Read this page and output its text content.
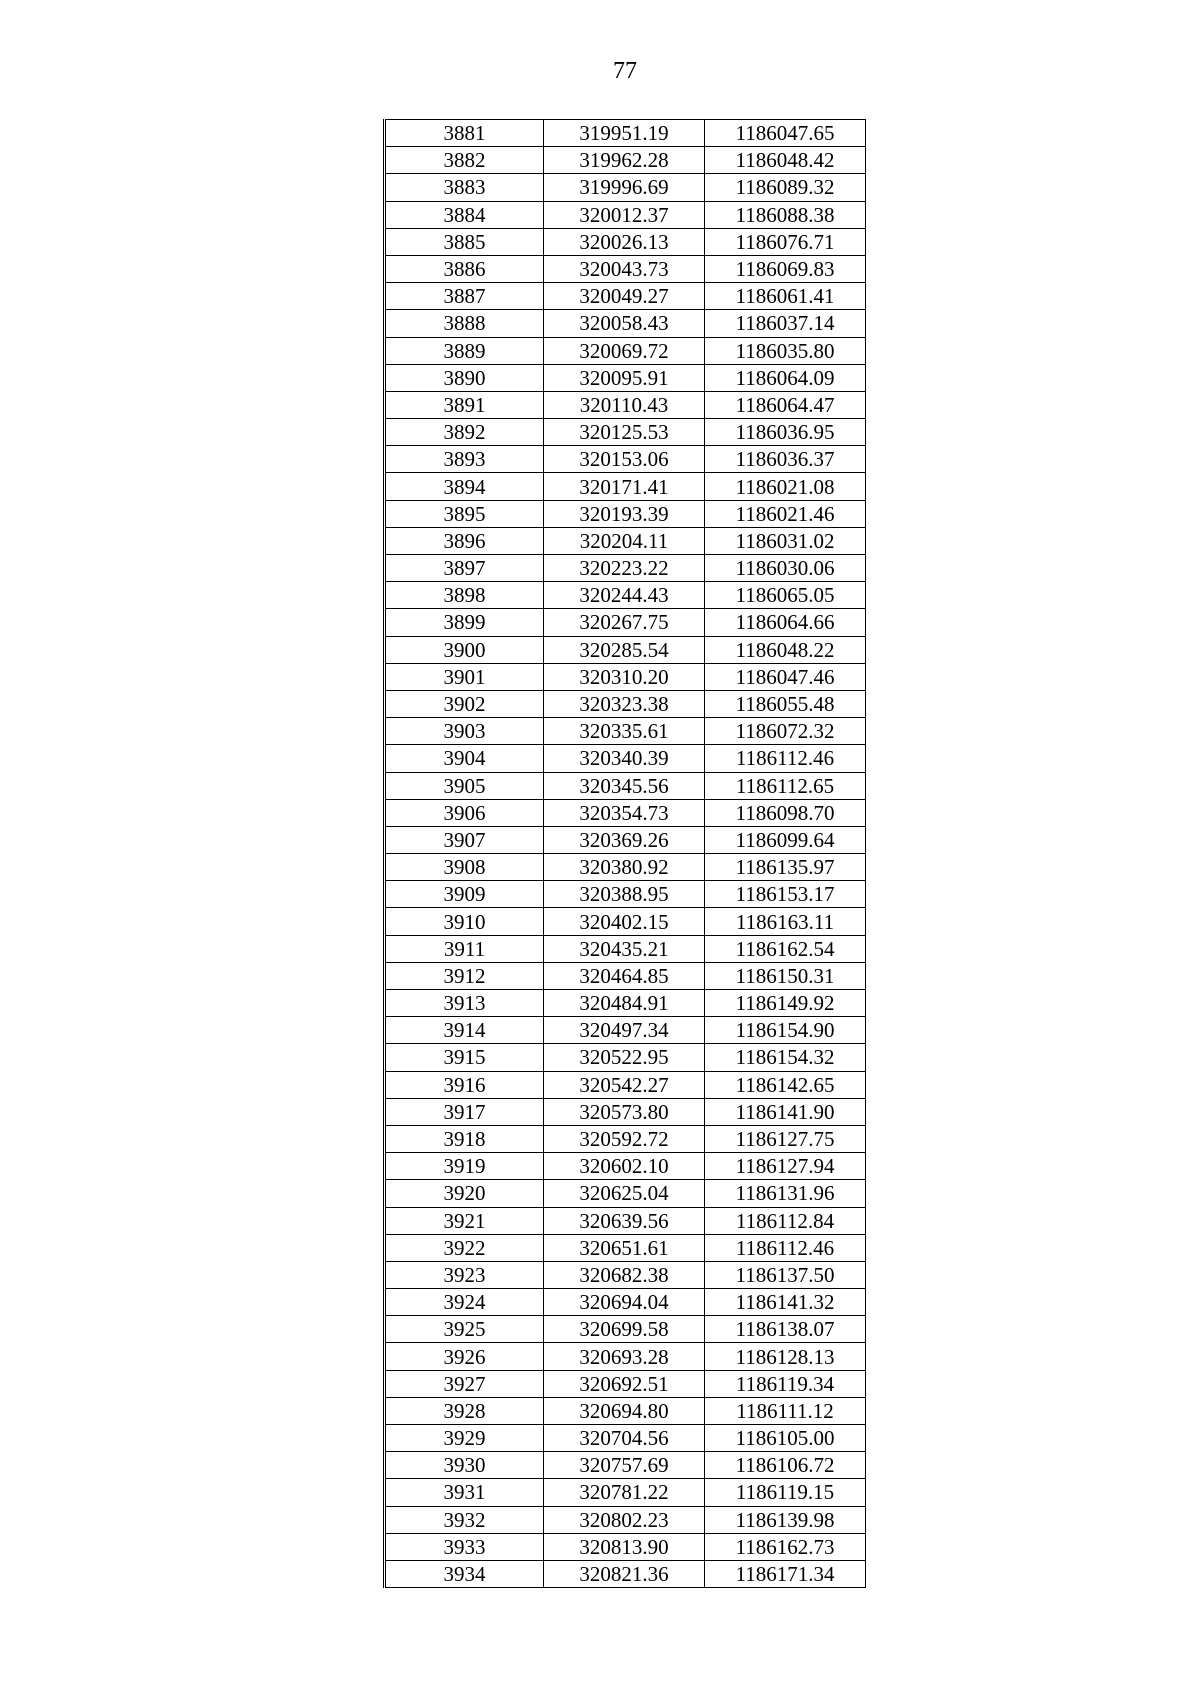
77
3881	319951.19	1186047.65
3882	319962.28	1186048.42
3883	319996.69	1186089.32
3884	320012.37	1186088.38
3885	320026.13	1186076.71
3886	320043.73	1186069.83
3887	320049.27	1186061.41
3888	320058.43	1186037.14
3889	320069.72	1186035.80
3890	320095.91	1186064.09
3891	320110.43	1186064.47
3892	320125.53	1186036.95
3893	320153.06	1186036.37
3894	320171.41	1186021.08
3895	320193.39	1186021.46
3896	320204.11	1186031.02
3897	320223.22	1186030.06
3898	320244.43	1186065.05
3899	320267.75	1186064.66
3900	320285.54	1186048.22
3901	320310.20	1186047.46
3902	320323.38	1186055.48
3903	320335.61	1186072.32
3904	320340.39	1186112.46
3905	320345.56	1186112.65
3906	320354.73	1186098.70
3907	320369.26	1186099.64
3908	320380.92	1186135.97
3909	320388.95	1186153.17
3910	320402.15	1186163.11
3911	320435.21	1186162.54
3912	320464.85	1186150.31
3913	320484.91	1186149.92
3914	320497.34	1186154.90
3915	320522.95	1186154.32
3916	320542.27	1186142.65
3917	320573.80	1186141.90
3918	320592.72	1186127.75
3919	320602.10	1186127.94
3920	320625.04	1186131.96
3921	320639.56	1186112.84
3922	320651.61	1186112.46
3923	320682.38	1186137.50
3924	320694.04	1186141.32
3925	320699.58	1186138.07
3926	320693.28	1186128.13
3927	320692.51	1186119.34
3928	320694.80	1186111.12
3929	320704.56	1186105.00
3930	320757.69	1186106.72
3931	320781.22	1186119.15
3932	320802.23	1186139.98
3933	320813.90	1186162.73
3934	320821.36	1186171.34
